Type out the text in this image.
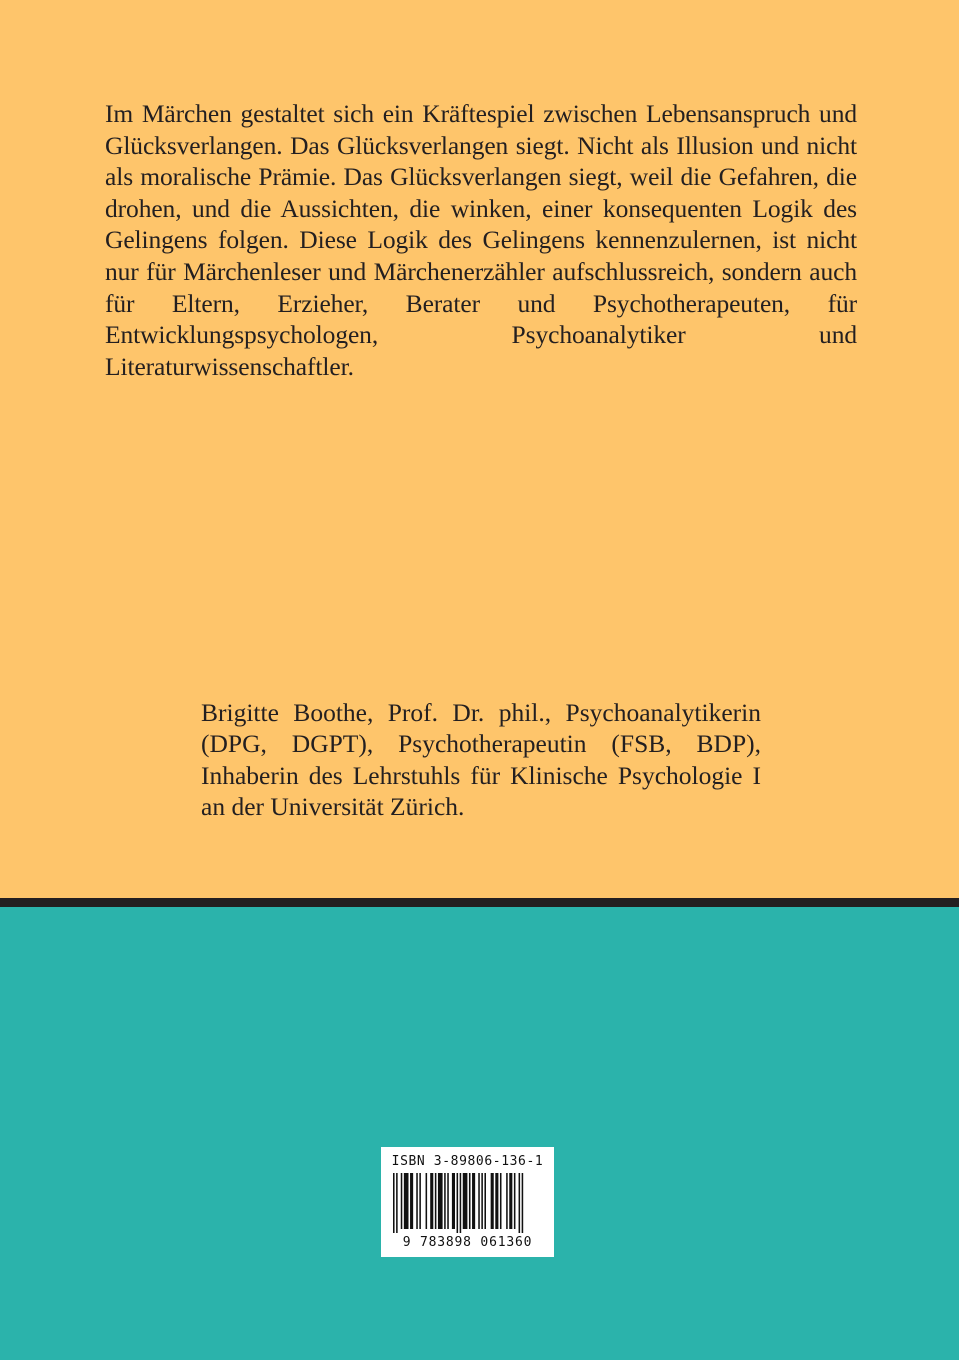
Im Märchen gestaltet sich ein Kräftespiel zwischen Lebensanspruch und Glücksverlangen. Das Glücksverlangen siegt. Nicht als Illusion und nicht als moralische Prämie. Das Glücksverlangen siegt, weil die Gefahren, die drohen, und die Aussichten, die winken, einer konsequenten Logik des Gelingens folgen. Diese Logik des Gelingens kennenzulernen, ist nicht nur für Märchenleser und Märchenerzähler aufschlussreich, sondern auch für Eltern, Erzieher, Berater und Psychotherapeuten, für Entwicklungspsychologen, Psychoanalytiker und Literaturwissenschaftler.

Brigitte Boothe, Prof. Dr. phil., Psychoanalytikerin (DPG, DGPT), Psychotherapeutin (FSB, BDP), Inhaberin des Lehrstuhls für Klinische Psychologie I an der Universität Zürich.

ISBN 3-89806-136-1
9 783898 061360
